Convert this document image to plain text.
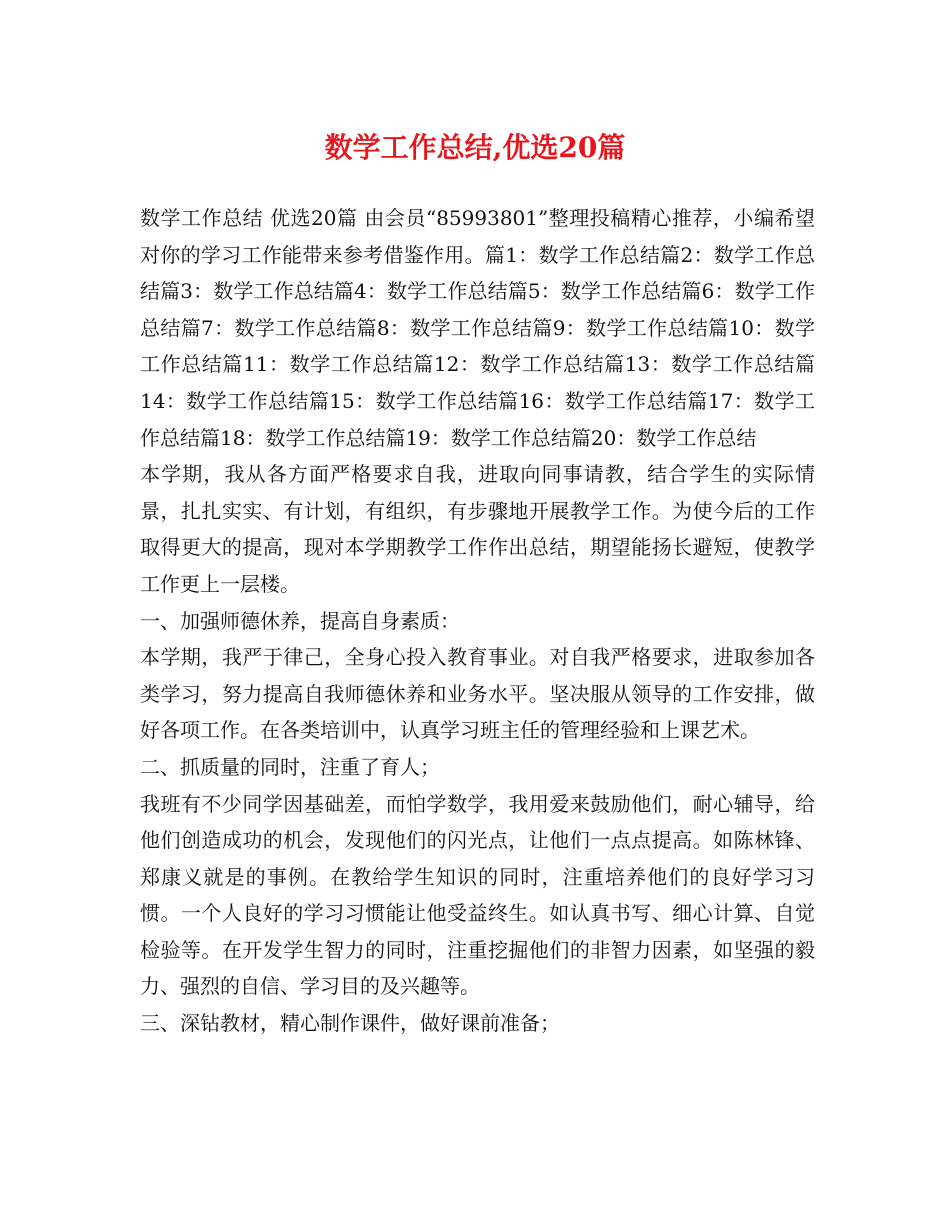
数学工作总结,优选20篇

数学工作总结 优选20篇 由会员“85993801”整理投稿精心推荐，小编希望对你的学习工作能带来参考借鉴作用。篇1：数学工作总结篇2：数学工作总结篇3：数学工作总结篇4：数学工作总结篇5：数学工作总结篇6：数学工作总结篇7：数学工作总结篇8：数学工作总结篇9：数学工作总结篇10：数学工作总结篇11：数学工作总结篇12：数学工作总结篇13：数学工作总结篇14：数学工作总结篇15：数学工作总结篇16：数学工作总结篇17：数学工作总结篇18：数学工作总结篇19：数学工作总结篇20：数学工作总结

本学期，我从各方面严格要求自我，进取向同事请教，结合学生的实际情景，扎扎实实、有计划，有组织，有步骤地开展教学工作。为使今后的工作取得更大的提高，现对本学期教学工作作出总结，期望能扬长避短，使教学工作更上一层楼。

一、加强师德休养，提高自身素质：

本学期，我严于律己，全身心投入教育事业。对自我严格要求，进取参加各类学习，努力提高自我师德休养和业务水平。坚决服从领导的工作安排，做好各项工作。在各类培训中，认真学习班主任的管理经验和上课艺术。

二、抓质量的同时，注重了育人；

我班有不少同学因基础差，而怕学数学，我用爱来鼓励他们，耐心辅导，给他们创造成功的机会，发现他们的闪光点，让他们一点点提高。如陈林锋、郑康义就是的事例。在教给学生知识的同时，注重培养他们的良好学习习惯。一个人良好的学习习惯能让他受益终生。如认真书写、细心计算、自觉检验等。在开发学生智力的同时，注重挖掘他们的非智力因素，如坚强的毅力、强烈的自信、学习目的及兴趣等。

三、深钻教材，精心制作课件，做好课前准备；
